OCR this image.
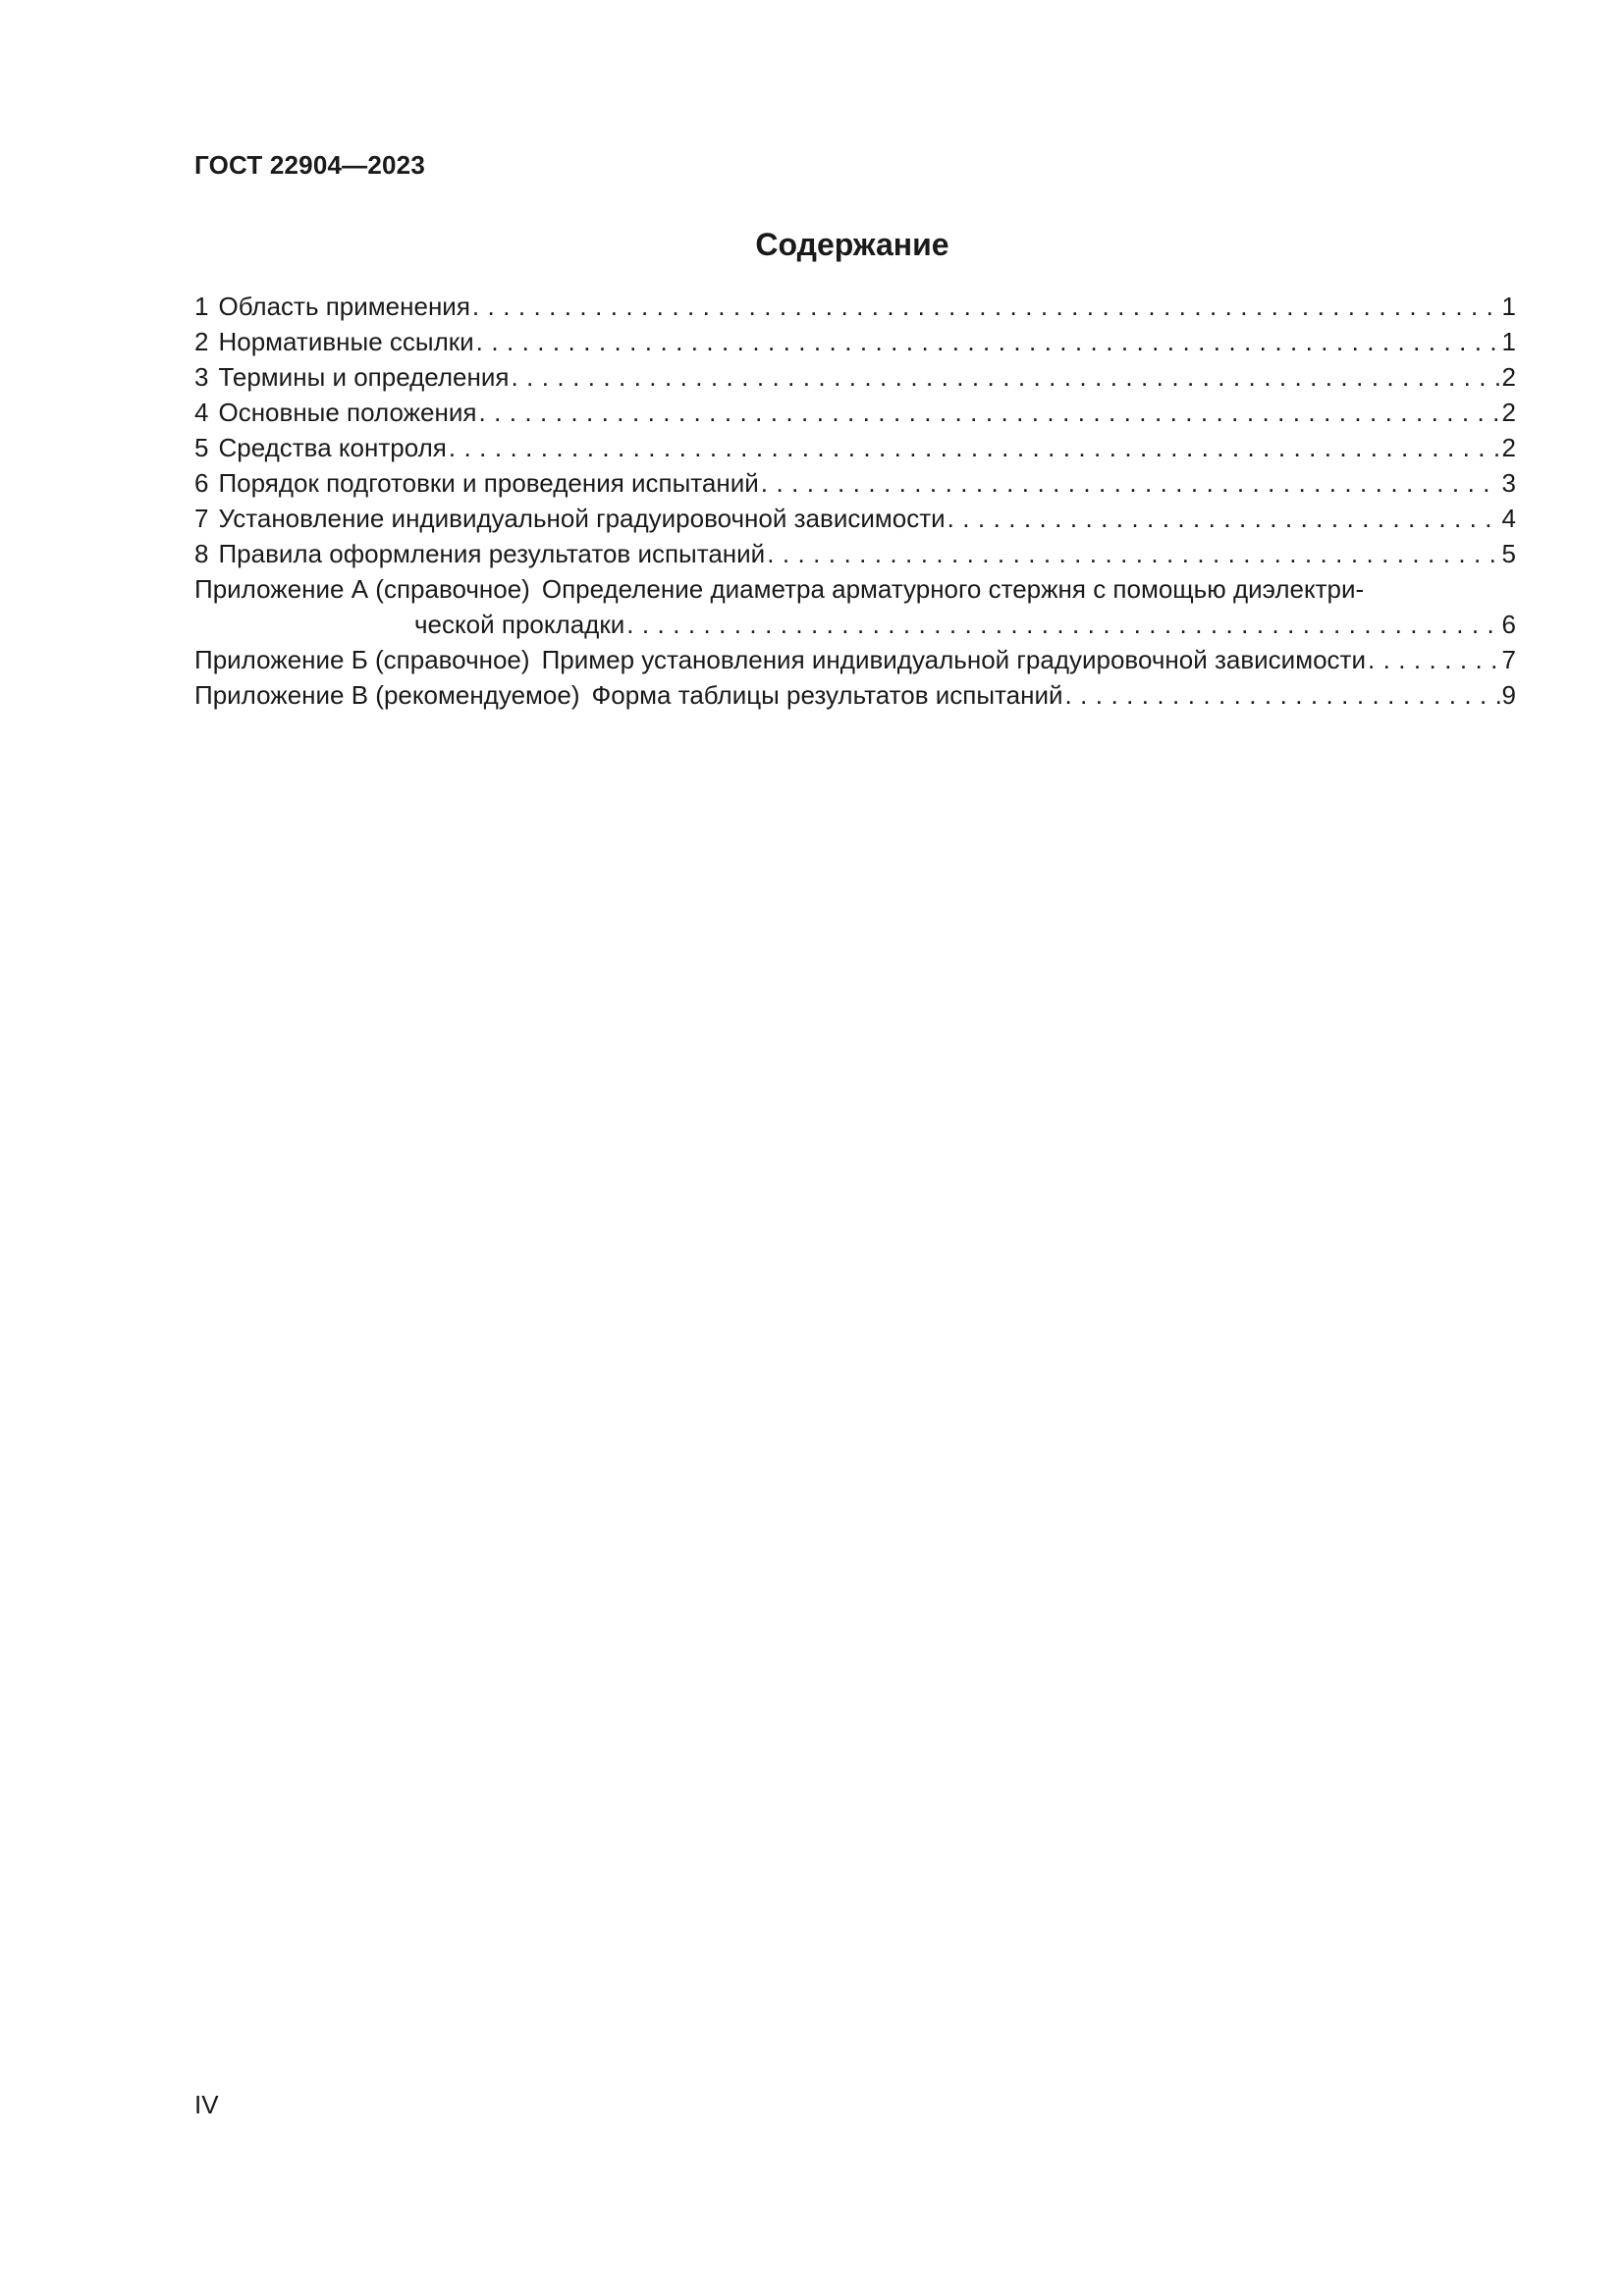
ГОСТ 22904—2023
Содержание
1 Область применения . . .	1
2 Нормативные ссылки . . .	1
3 Термины и определения . . .	2
4 Основные положения . . .	2
5 Средства контроля . . .	2
6 Порядок подготовки и проведения испытаний . . .	3
7 Установление индивидуальной градуировочной зависимости . . .	4
8 Правила оформления результатов испытаний . . .	5
Приложение А (справочное) Определение диаметра арматурного стержня с помощью диэлектри-
ческой прокладки . . .	6
Приложение Б (справочное) Пример установления индивидуальной градуировочной зависимости . . .	7
Приложение В (рекомендуемое) Форма таблицы результатов испытаний . . .	9
IV
